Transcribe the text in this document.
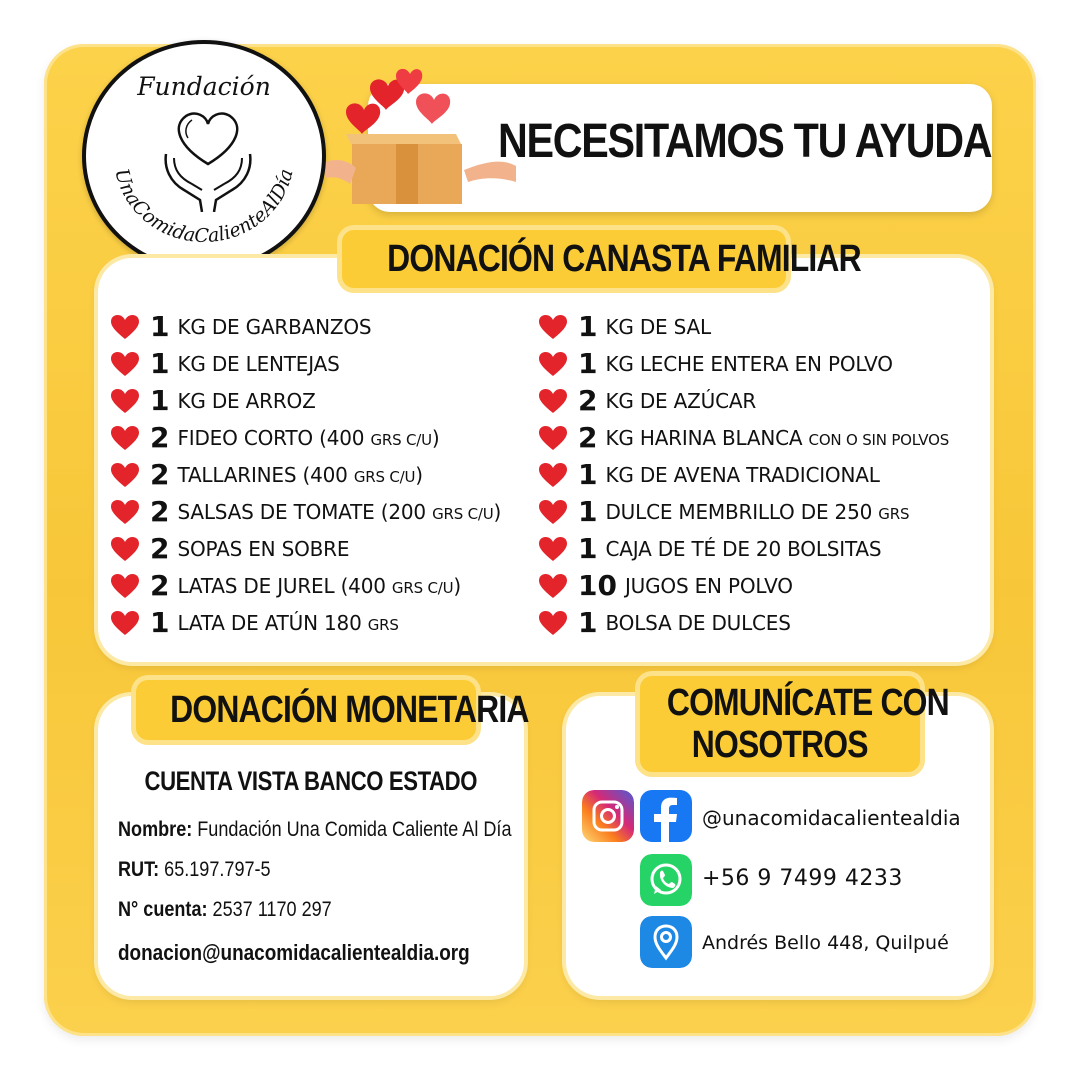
Fundación
UnaComidaCalienteAlDía
NECESITAMOS TU AYUDA
DONACIÓN CANASTA FAMILIAR
1 KG DE GARBANZOS
1 KG DE LENTEJAS
1 KG DE ARROZ
2 FIDEO CORTO (400 GRS C/U)
2 TALLARINES (400 GRS C/U)
2 SALSAS DE TOMATE (200 GRS C/U)
2 SOPAS EN SOBRE
2 LATAS DE JUREL (400 GRS C/U)
1 LATA DE ATÚN 180 GRS
1 KG DE SAL
1 KG LECHE ENTERA EN POLVO
2 KG DE AZÚCAR
2 KG HARINA BLANCA CON O SIN POLVOS
1 KG DE AVENA TRADICIONAL
1 DULCE MEMBRILLO DE 250 GRS
1 CAJA DE TÉ DE 20 BOLSITAS
10 JUGOS EN POLVO
1 BOLSA DE DULCES
DONACIÓN MONETARIA
CUENTA VISTA BANCO ESTADO
Nombre: Fundación Una Comida Caliente Al Día
RUT: 65.197.797-5
N° cuenta: 2537 1170 297
donacion@unacomidacalientealdia.org
COMUNÍCATE CON
NOSOTROS
@unacomidacalientealdia
+56 9 7499 4233
Andrés Bello 448, Quilpué
